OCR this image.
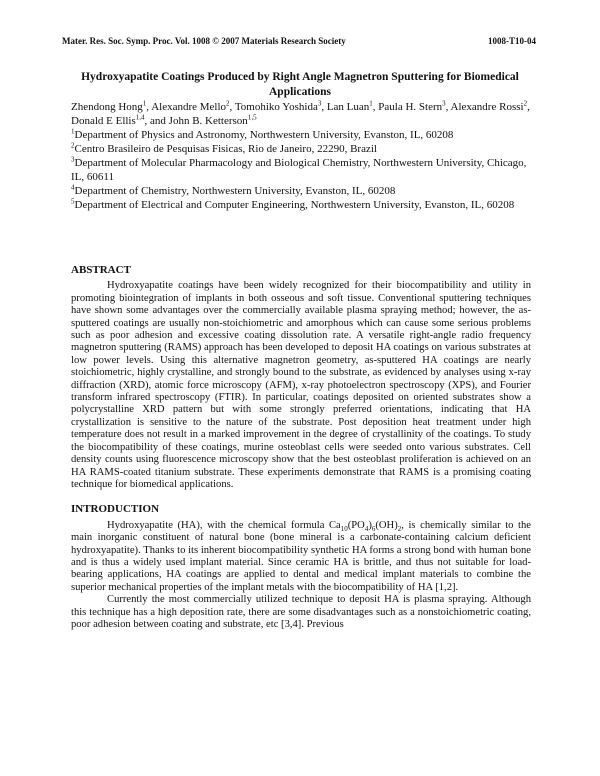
Mater. Res. Soc. Symp. Proc. Vol. 1008 © 2007 Materials Research Society	1008-T10-04
Hydroxyapatite Coatings Produced by Right Angle Magnetron Sputtering for Biomedical Applications
Zhendong Hong$^1$, Alexandre Mello$^2$, Tomohiko Yoshida$^3$, Lan Luan$^1$, Paula H. Stern$^3$, Alexandre Rossi$^2$, Donald E Ellis$^{1,4}$, and John B. Ketterson$^{1,5}$
$^1$Department of Physics and Astronomy, Northwestern University, Evanston, IL, 60208
$^2$Centro Brasileiro de Pesquisas Fisicas, Rio de Janeiro, 22290, Brazil
$^3$Department of Molecular Pharmacology and Biological Chemistry, Northwestern University, Chicago, IL, 60611
$^4$Department of Chemistry, Northwestern University, Evanston, IL, 60208
$^5$Department of Electrical and Computer Engineering, Northwestern University, Evanston, IL, 60208
ABSTRACT

Hydroxyapatite coatings have been widely recognized for their biocompatibility and utility in promoting biointegration of implants in both osseous and soft tissue. Conventional sputtering techniques have shown some advantages over the commercially available plasma spraying method; however, the as-sputtered coatings are usually non-stoichiometric and amorphous which can cause some serious problems such as poor adhesion and excessive coating dissolution rate. A versatile right-angle radio frequency magnetron sputtering (RAMS) approach has been developed to deposit HA coatings on various substrates at low power levels. Using this alternative magnetron geometry, as-sputtered HA coatings are nearly stoichiometric, highly crystalline, and strongly bound to the substrate, as evidenced by analyses using x-ray diffraction (XRD), atomic force microscopy (AFM), x-ray photoelectron spectroscopy (XPS), and Fourier transform infrared spectroscopy (FTIR). In particular, coatings deposited on oriented substrates show a polycrystalline XRD pattern but with some strongly preferred orientations, indicating that HA crystallization is sensitive to the nature of the substrate. Post deposition heat treatment under high temperature does not result in a marked improvement in the degree of crystallinity of the coatings. To study the biocompatibility of these coatings, murine osteoblast cells were seeded onto various substrates. Cell density counts using fluorescence microscopy show that the best osteoblast proliferation is achieved on an HA RAMS-coated titanium substrate. These experiments demonstrate that RAMS is a promising coating technique for biomedical applications.

INTRODUCTION

Hydroxyapatite (HA), with the chemical formula $Ca_{10}(PO_4)_6(OH)_2$, is chemically similar to the main inorganic constituent of natural bone (bone mineral is a carbonate-containing calcium deficient hydroxyapatite). Thanks to its inherent biocompatibility synthetic HA forms a strong bond with human bone and is thus a widely used implant material. Since ceramic HA is brittle, and thus not suitable for load-bearing applications, HA coatings are applied to dental and medical implant materials to combine the superior mechanical properties of the implant metals with the biocompatibility of HA [1,2].

Currently the most commercially utilized technique to deposit HA is plasma spraying. Although this technique has a high deposition rate, there are some disadvantages such as a nonstoichiometric coating, poor adhesion between coating and substrate, etc [3,4]. Previous
